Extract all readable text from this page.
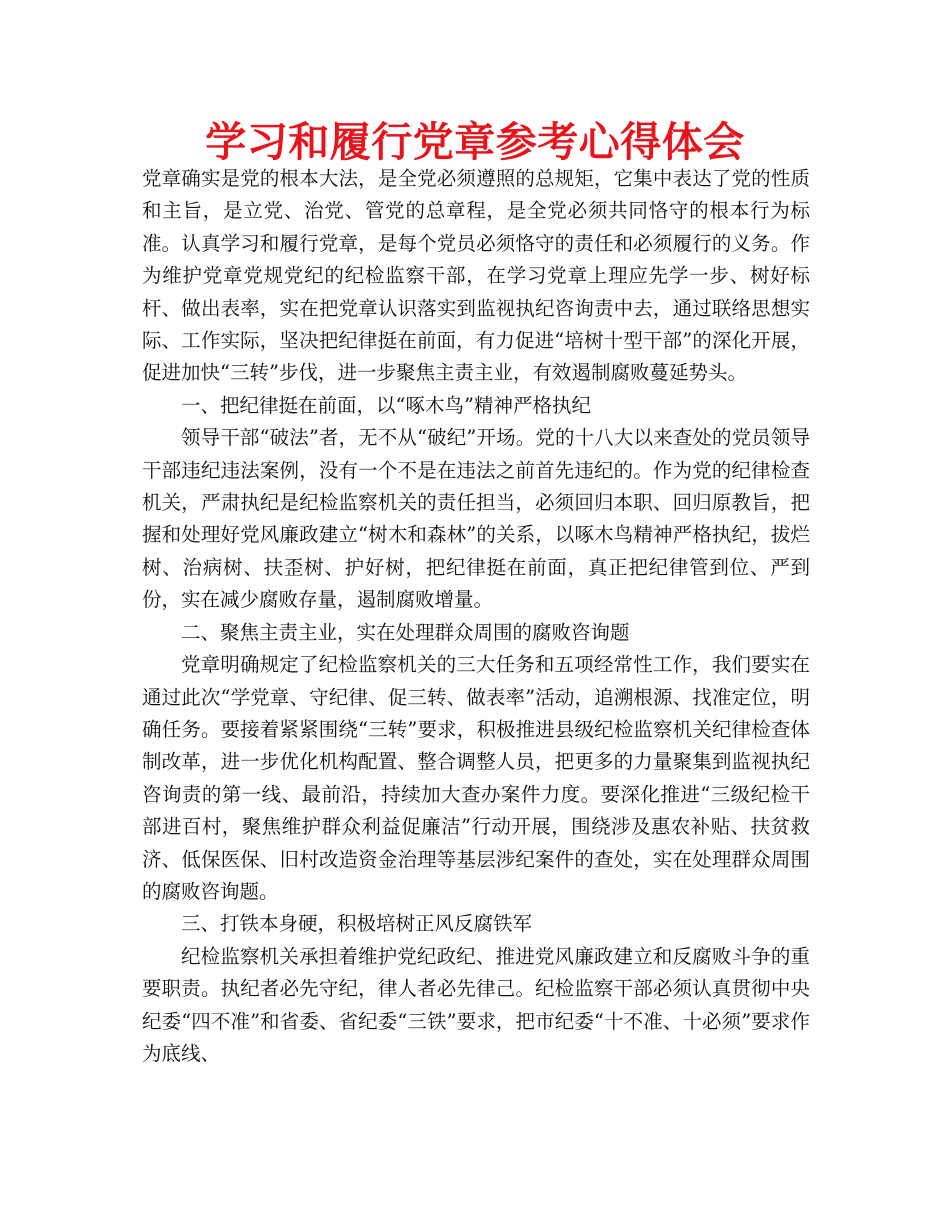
学习和履行党章参考心得体会

党章确实是党的根本大法，是全党必须遵照的总规矩，它集中表达了党的性质和主旨，是立党、治党、管党的总章程，是全党必须共同恪守的根本行为标准。认真学习和履行党章，是每个党员必须恪守的责任和必须履行的义务。作为维护党章党规党纪的纪检监察干部，在学习党章上理应先学一步、树好标杆、做出表率，实在把党章认识落实到监视执纪咨询责中去，通过联络思想实际、工作实际，坚决把纪律挺在前面，有力促进“培树十型干部”的深化开展，促进加快“三转”步伐，进一步聚焦主责主业，有效遏制腐败蔓延势头。

一、把纪律挺在前面，以“啄木鸟”精神严格执纪

领导干部“破法”者，无不从“破纪”开场。党的十八大以来查处的党员领导干部违纪违法案例，没有一个不是在违法之前首先违纪的。作为党的纪律检查机关，严肃执纪是纪检监察机关的责任担当，必须回归本职、回归原教旨，把握和处理好党风廉政建立“树木和森林”的关系，以啄木鸟精神严格执纪，拔烂树、治病树、扶歪树、护好树，把纪律挺在前面，真正把纪律管到位、严到份，实在减少腐败存量，遏制腐败增量。

二、聚焦主责主业，实在处理群众周围的腐败咨询题

党章明确规定了纪检监察机关的三大任务和五项经常性工作，我们要实在通过此次“学党章、守纪律、促三转、做表率”活动，追溯根源、找准定位，明确任务。要接着紧紧围绕“三转”要求，积极推进县级纪检监察机关纪律检查体制改革，进一步优化机构配置、整合调整人员，把更多的力量聚集到监视执纪咨询责的第一线、最前沿，持续加大查办案件力度。要深化推进“三级纪检干部进百村，聚焦维护群众利益促廉洁”行动开展，围绕涉及惠农补贴、扶贫救济、低保医保、旧村改造资金治理等基层涉纪案件的查处，实在处理群众周围的腐败咨询题。

三、打铁本身硬，积极培树正风反腐铁军

纪检监察机关承担着维护党纪政纪、推进党风廉政建立和反腐败斗争的重要职责。执纪者必先守纪，律人者必先律己。纪检监察干部必须认真贯彻中央纪委“四不准”和省委、省纪委“三铁”要求，把市纪委“十不准、十必须”要求作为底线、
